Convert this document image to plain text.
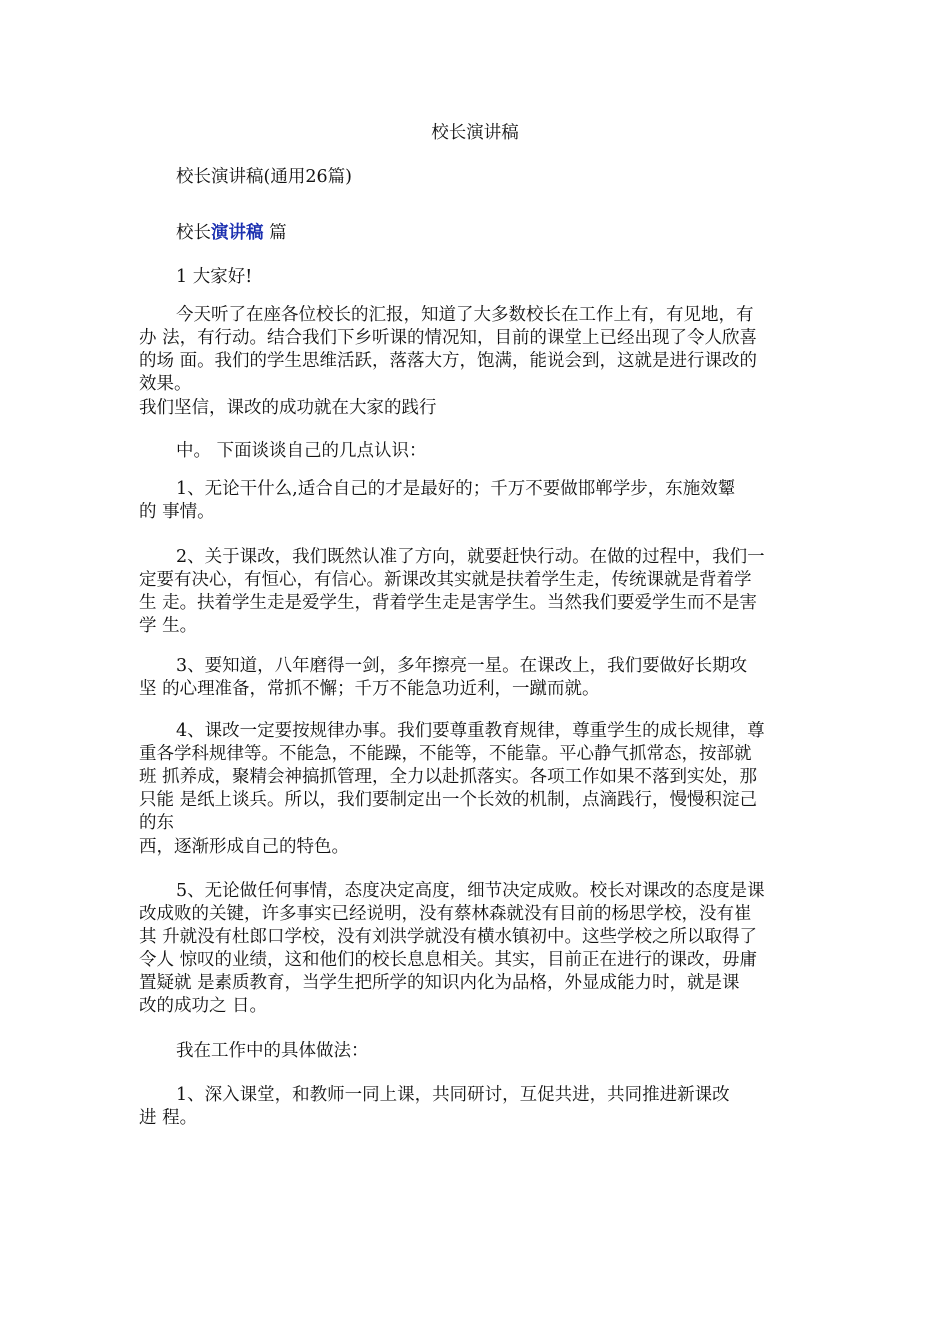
校长演讲稿
校长演讲稿(通用26篇)
校长演讲稿 篇
1 大家好!
今天听了在座各位校长的汇报，知道了大多数校长在工作上有，有见地，有
办 法，有行动。结合我们下乡听课的情况知，目前的课堂上已经出现了令人欣喜
的场 面。我们的学生思维活跃，落落大方，饱满，能说会到，这就是进行课改的
效果。
我们坚信，课改的成功就在大家的践行
中。 下面谈谈自己的几点认识：
1、无论干什么,适合自己的才是最好的；千万不要做邯郸学步，东施效颦
的 事情。
2、关于课改，我们既然认准了方向，就要赶快行动。在做的过程中，我们一
定要有决心，有恒心，有信心。新课改其实就是扶着学生走，传统课就是背着学
生 走。扶着学生走是爱学生，背着学生走是害学生。当然我们要爱学生而不是害
学 生。
3、要知道，八年磨得一剑，多年擦亮一星。在课改上，我们要做好长期攻
坚 的心理准备，常抓不懈；千万不能急功近利，一蹴而就。
4、课改一定要按规律办事。我们要尊重教育规律，尊重学生的成长规律，尊
重各学科规律等。不能急，不能躁，不能等，不能靠。平心静气抓常态，按部就
班 抓养成，聚精会神搞抓管理，全力以赴抓落实。各项工作如果不落到实处，那
只能 是纸上谈兵。所以，我们要制定出一个长效的机制，点滴践行，慢慢积淀己
的东
西，逐渐形成自己的特色。
5、无论做任何事情，态度决定高度，细节决定成败。校长对课改的态度是课
改成败的关键，许多事实已经说明，没有蔡林森就没有目前的杨思学校，没有崔
其 升就没有杜郎口学校，没有刘洪学就没有横水镇初中。这些学校之所以取得了
令人 惊叹的业绩，这和他们的校长息息相关。其实，目前正在进行的课改，毋庸
置疑就 是素质教育，当学生把所学的知识内化为品格，外显成能力时，就是课
改的成功之 日。
我在工作中的具体做法：
1、深入课堂，和教师一同上课，共同研讨，互促共进，共同推进新课改
进 程。
